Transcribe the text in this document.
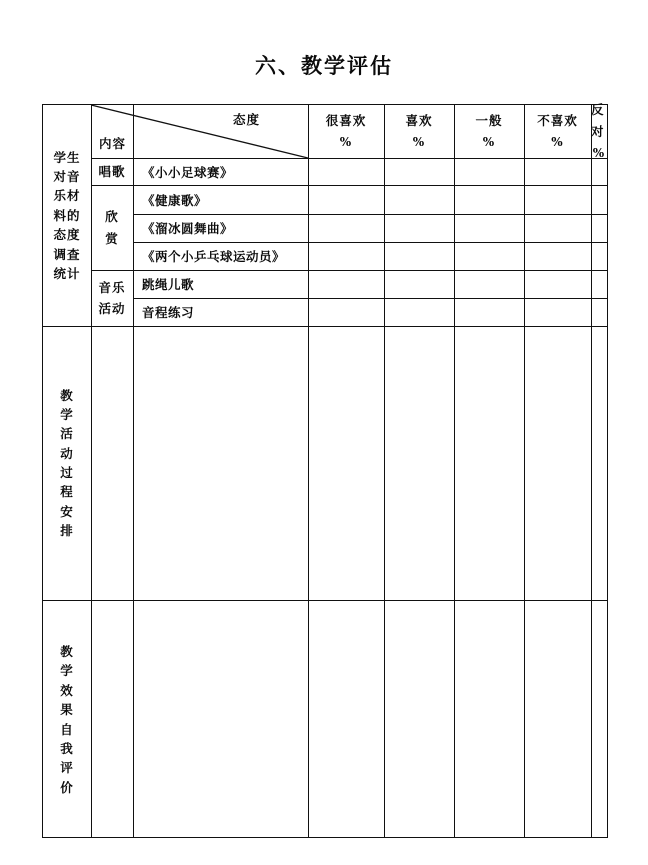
六、教学评估
态度
内容
很喜欢
%
喜欢
%
一般
%
不喜欢
%
反对
%
学生
对音
乐材
料的
态度
调查
统计
唱歌 《小小足球赛》
欣
赏
《健康歌》
《溜冰圆舞曲》
《两个小乒乓球运动员》
音乐
活动
跳绳儿歌
音程练习
教
学
活
动
过
程
安
排
教
学
效
果
自
我
评
价
